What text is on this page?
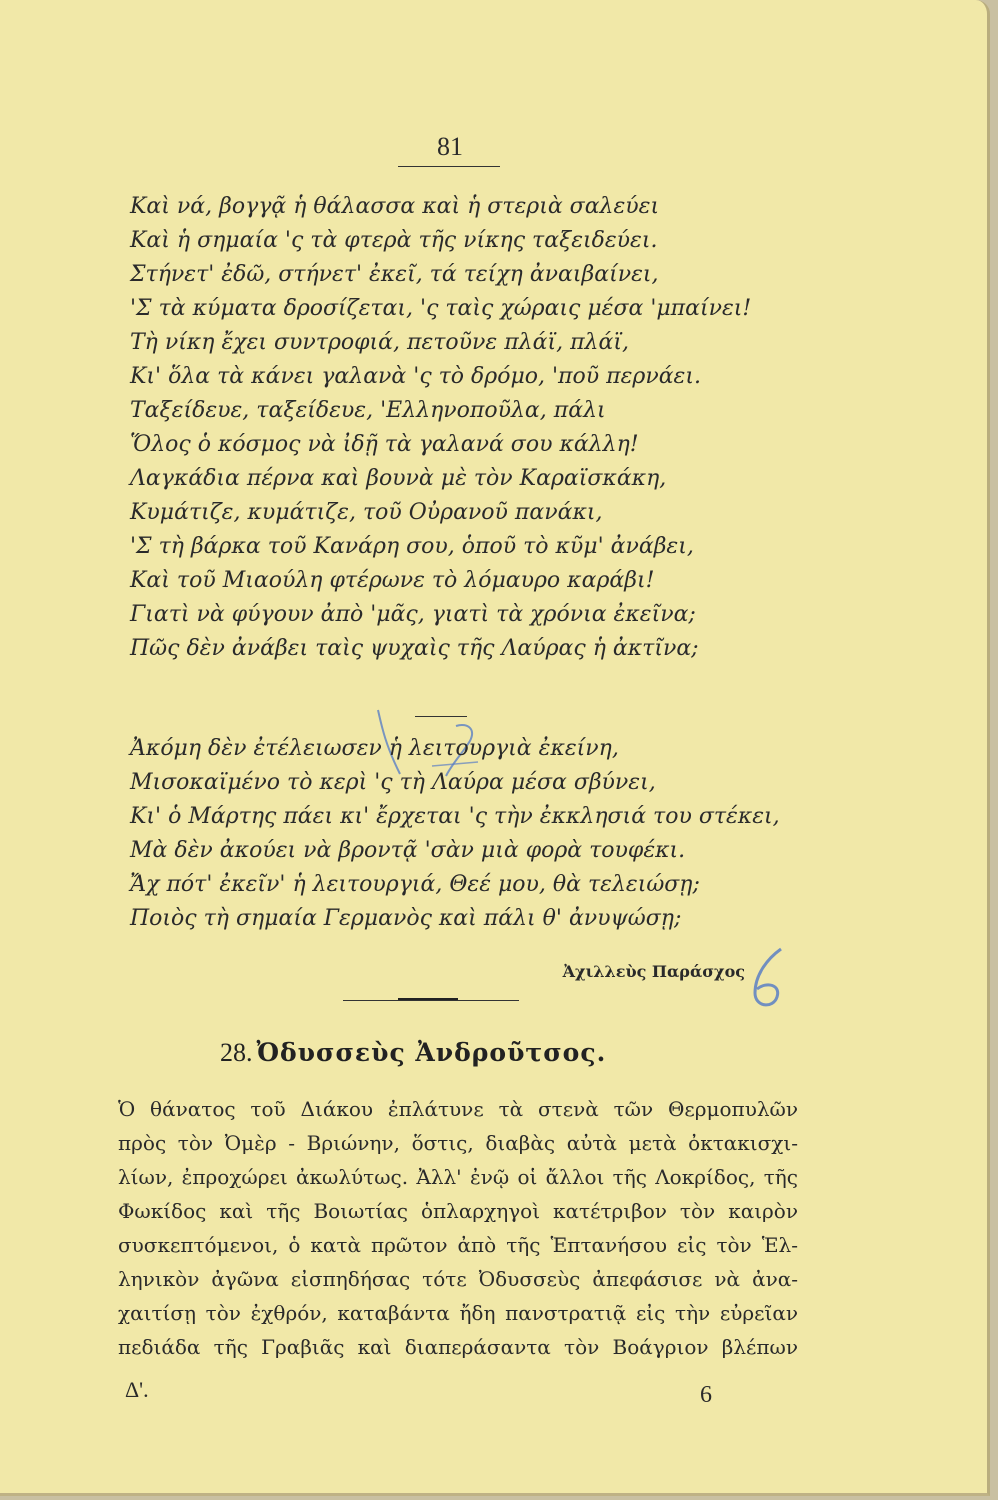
81
Καὶ νά, βογγᾷ ἡ θάλασσα καὶ ἡ στεριὰ σαλεύει
Καὶ ἡ σημαία 'ς τὰ φτερὰ τῆς νίκης ταξειδεύει.
Στήνετ' ἐδῶ, στήνετ' ἐκεῖ, τά τείχη ἀναιβαίνει,
'Σ τὰ κύματα δροσίζεται, 'ς ταὶς χώραις μέσα 'μπαίνει!
Τὴ νίκη ἔχει συντροφιά, πετοῦνε πλάϊ, πλάϊ,
Κι' ὅλα τὰ κάνει γαλανὰ 'ς τὸ δρόμο, 'ποῦ περνάει.
Ταξείδευε, ταξείδευε, 'Ελληνοποῦλα, πάλι
Ὅλος ὁ κόσμος νὰ ἰδῇ τὰ γαλανά σου κάλλη!
Λαγκάδια πέρνα καὶ βουνὰ μὲ τὸν Καραϊσκάκη,
Κυμάτιζε, κυμάτιζε, τοῦ Οὐρανοῦ πανάκι,
'Σ τὴ βάρκα τοῦ Κανάρη σου, ὁποῦ τὸ κῦμ' ἀνάβει,
Καὶ τοῦ Μιαούλη φτέρωνε τὸ λόμαυρο καράβι!
Γιατὶ νὰ φύγουν ἀπὸ 'μᾶς, γιατὶ τὰ χρόνια ἐκεῖνα;
Πῶς δὲν ἀνάβει ταὶς ψυχαὶς τῆς Λαύρας ἡ ἀκτῖνα;
Ἀκόμη δὲν ἐτέλειωσεν ἡ λειτουργιὰ ἐκείνη,
Μισοκαϊμένο τὸ κερὶ 'ς τὴ Λαύρα μέσα σβύνει,
Κι' ὁ Μάρτης πάει κι' ἔρχεται 'ς τὴν ἐκκλησιά του στέκει,
Μὰ δὲν ἀκούει νὰ βροντᾷ 'σὰν μιὰ φορὰ τουφέκι.
Ἄχ πότ' ἐκεῖν' ἡ λειτουργιά, Θεέ μου, θὰ τελειώσῃ;
Ποιὸς τὴ σημαία Γερμανὸς καὶ πάλι θ' ἀνυψώσῃ;
Ἀχιλλεὺς Παράσχος
28. Ὀδυσσεὺς Ἀνδροῦτσος.
Ὁ θάνατος τοῦ Διάκου ἐπλάτυνε τὰ στενὰ τῶν Θερμοπυλῶν
πρὸς τὸν Ὀμὲρ - Βριώνην, ὅστις, διαβὰς αὐτὰ μετὰ ὀκτακισχι-
λίων, ἐπροχώρει ἀκωλύτως. Ἀλλ' ἐνῷ οἱ ἄλλοι τῆς Λοκρίδος, τῆς
Φωκίδος καὶ τῆς Βοιωτίας ὁπλαρχηγοὶ κατέτριβον τὸν καιρὸν
συσκεπτόμενοι, ὁ κατὰ πρῶτον ἀπὸ τῆς Ἑπτανήσου εἰς τὸν Ἑλ-
ληνικὸν ἀγῶνα εἰσπηδήσας τότε Ὀδυσσεὺς ἀπεφάσισε νὰ ἀνα-
χαιτίσῃ τὸν ἐχθρόν, καταβάντα ἤδη πανστρατιᾷ εἰς τὴν εὐρεῖαν
πεδιάδα τῆς Γραβιᾶς καὶ διαπεράσαντα τὸν Βοάγριον βλέπων
Δ'.	6
